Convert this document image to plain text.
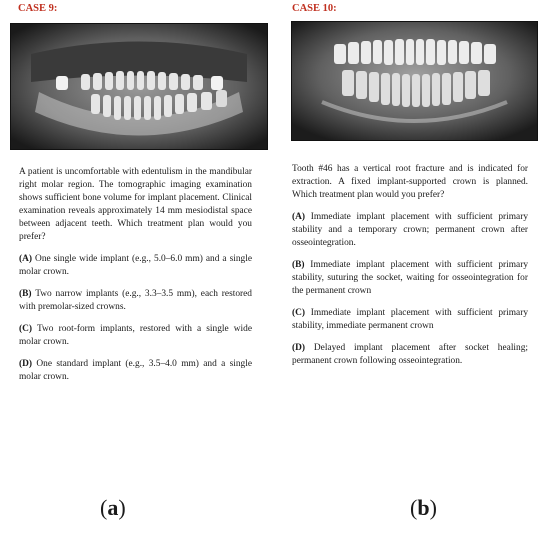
CASE 9:

A patient is uncomfortable with edentulism in the mandibular right molar region. The tomographic imaging examination shows sufficient bone volume for implant placement. Clinical examination reveals approximately 14 mm mesiodistal space between adjacent teeth. Which treatment plan would you prefer?

(A) One single wide implant (e.g., 5.0–6.0 mm) and a single molar crown.

(B) Two narrow implants (e.g., 3.3–3.5 mm), each restored with premolar-sized crowns.

(C) Two root-form implants, restored with a single wide molar crown.

(D) One standard implant (e.g., 3.5–4.0 mm) and a single molar crown.

CASE 10:

Tooth #46 has a vertical root fracture and is indicated for extraction. A fixed implant-supported crown is planned. Which treatment plan would you prefer?

(A) Immediate implant placement with sufficient primary stability and a temporary crown; permanent crown after osseointegration.

(B) Immediate implant placement with sufficient primary stability, suturing the socket, waiting for osseointegration for the permanent crown

(C) Immediate implant placement with sufficient primary stability, immediate permanent crown

(D) Delayed implant placement after socket healing; permanent crown following osseointegration.

(a)	(b)
